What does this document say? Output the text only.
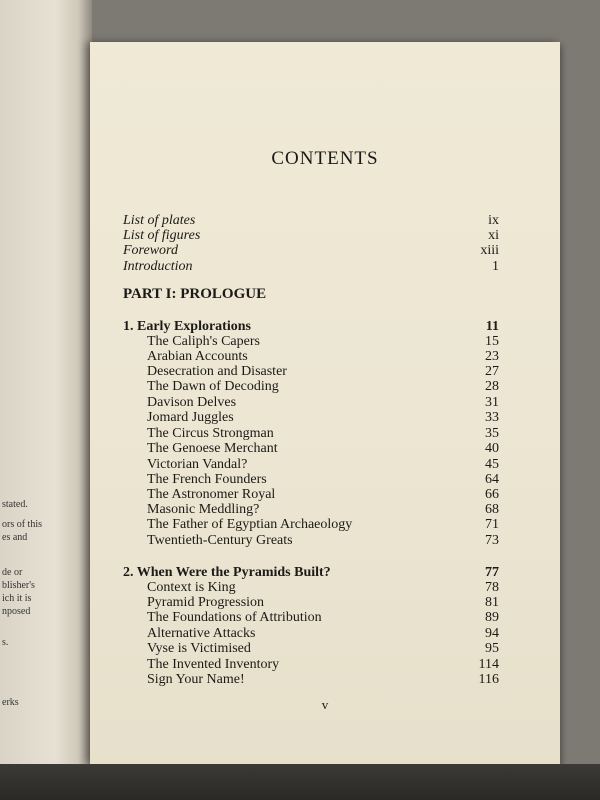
stated.
ors of this
es and
de or
blisher's
ich it is
nposed
s.
erks
CONTENTS
List of plates	ix
List of figures	xi
Foreword	xiii
Introduction	1
PART I: PROLOGUE
1. Early Explorations	11
The Caliph's Capers	15
Arabian Accounts	23
Desecration and Disaster	27
The Dawn of Decoding	28
Davison Delves	31
Jomard Juggles	33
The Circus Strongman	35
The Genoese Merchant	40
Victorian Vandal?	45
The French Founders	64
The Astronomer Royal	66
Masonic Meddling?	68
The Father of Egyptian Archaeology	71
Twentieth-Century Greats	73
2. When Were the Pyramids Built?	77
Context is King	78
Pyramid Progression	81
The Foundations of Attribution	89
Alternative Attacks	94
Vyse is Victimised	95
The Invented Inventory	114
Sign Your Name!	116
v
